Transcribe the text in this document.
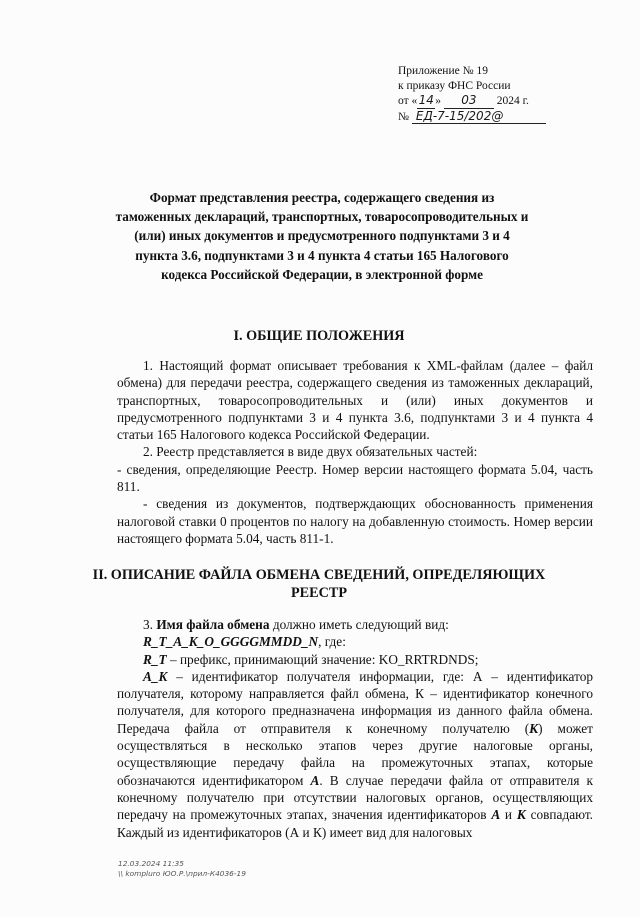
Приложение № 19
к приказу ФНС России
от «14» 03 2024 г.
№ ЕД-7-15/202@
Формат представления реестра, содержащего сведения из
таможенных деклараций, транспортных, товаросопроводительных и
(или) иных документов и предусмотренного подпунктами 3 и 4
пункта 3.6, подпунктами 3 и 4 пункта 4 статьи 165 Налогового
кодекса Российской Федерации, в электронной форме
I. ОБЩИЕ ПОЛОЖЕНИЯ

1. Настоящий формат описывает требования к XML-файлам (далее – файл обмена) для передачи реестра, содержащего сведения из таможенных деклараций, транспортных, товаросопроводительных и (или) иных документов и предусмотренного подпунктами 3 и 4 пункта 3.6, подпунктами 3 и 4 пункта 4 статьи 165 Налогового кодекса Российской Федерации.

2. Реестр представляется в виде двух обязательных частей:

- сведения, определяющие Реестр. Номер версии настоящего формата 5.04, часть 811.

- сведения из документов, подтверждающих обоснованность применения налоговой ставки 0 процентов по налогу на добавленную стоимость. Номер версии настоящего формата 5.04, часть 811-1.

II. ОПИСАНИЕ ФАЙЛА ОБМЕНА СВЕДЕНИЙ, ОПРЕДЕЛЯЮЩИХ
РЕЕСТР

3. Имя файла обмена должно иметь следующий вид:

R_T_A_K_O_GGGGMMDD_N, где:

R_T – префикс, принимающий значение: KO_RRTRDNDS;

A_K – идентификатор получателя информации, где: А – идентификатор получателя, которому направляется файл обмена, К – идентификатор конечного получателя, для которого предназначена информация из данного файла обмена. Передача файла от отправителя к конечному получателю (К) может осуществляться в несколько этапов через другие налоговые органы, осуществляющие передачу файла на промежуточных этапах, которые обозначаются идентификатором А. В случае передачи файла от отправителя к конечному получателю при отсутствии налоговых органов, осуществляющих передачу на промежуточных этапах, значения идентификаторов А и К совпадают. Каждый из идентификаторов (А и К) имеет вид для налоговых

12.03.2024 11:35
\\ kompluro ЮО.Р.\прил-К4036-19
